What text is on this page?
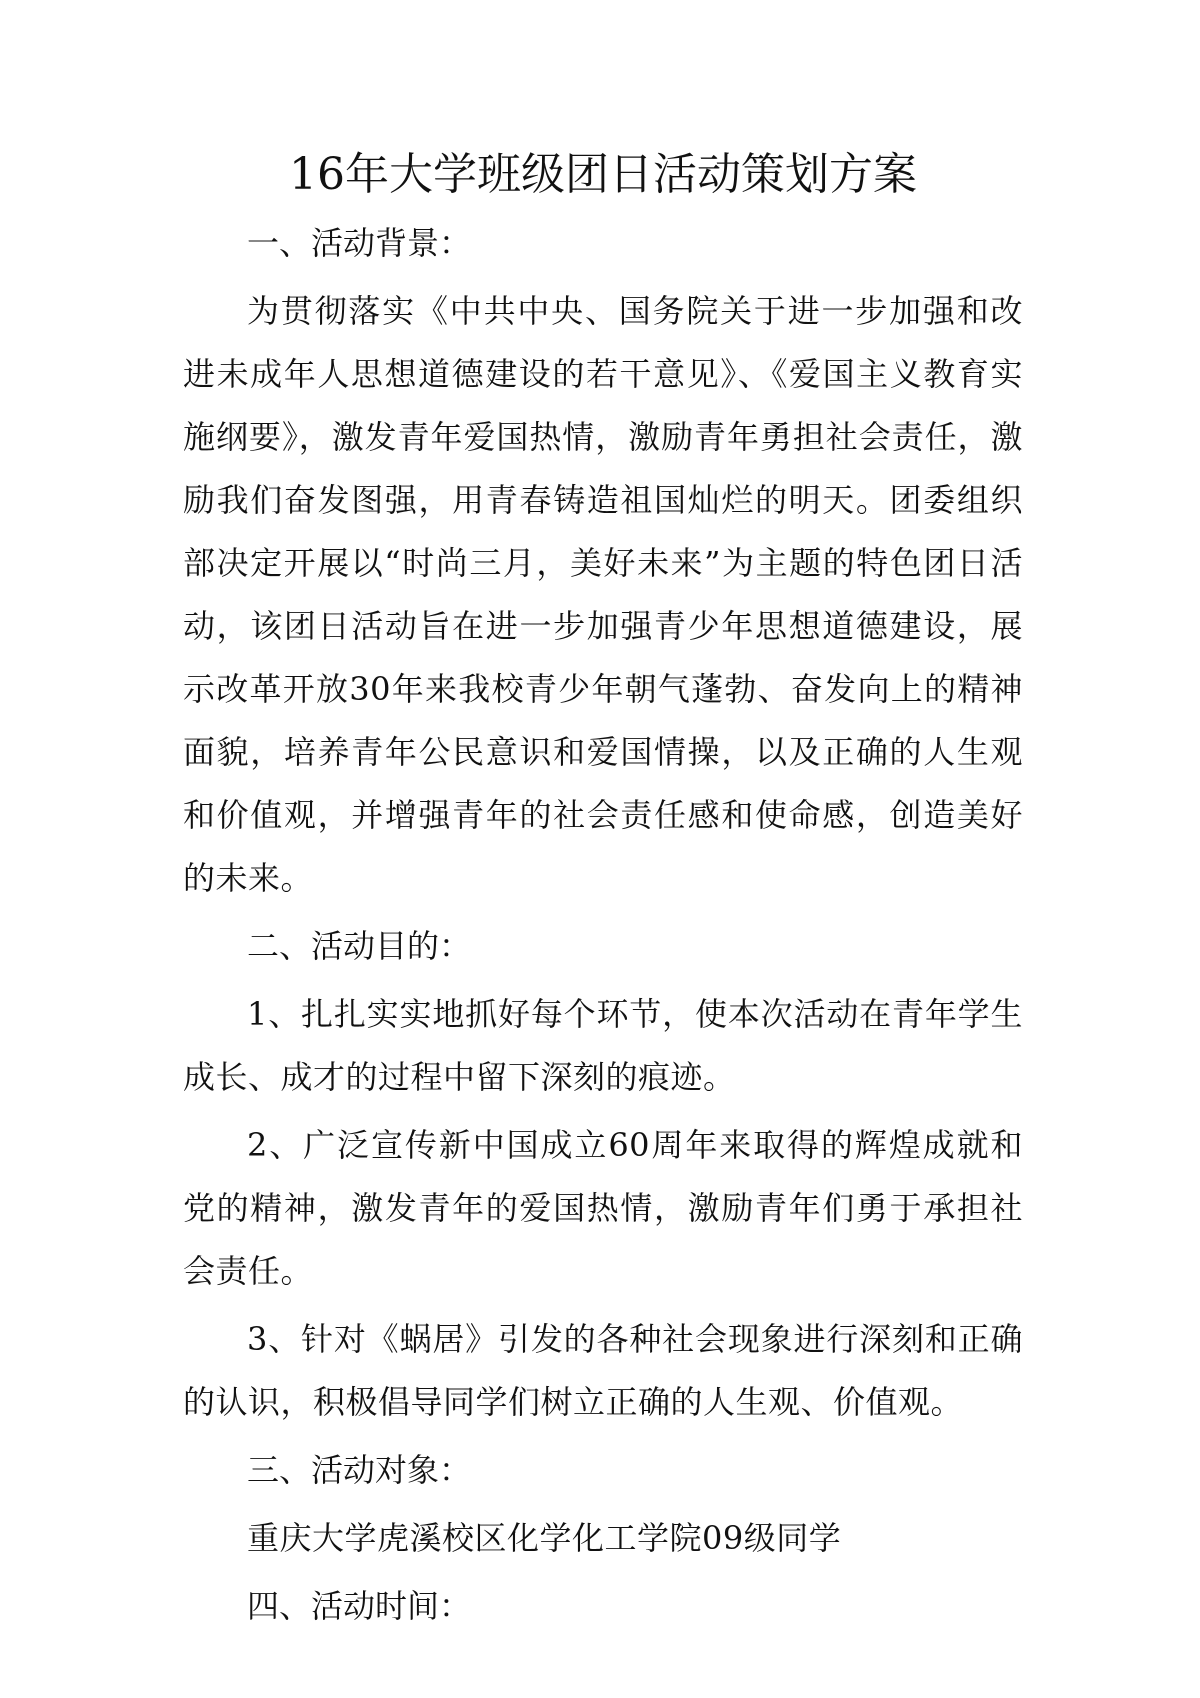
16年大学班级团日活动策划方案

一、活动背景：

为贯彻落实《中共中央、国务院关于进一步加强和改进未成年人思想道德建设的若干意见》、《爱国主义教育实施纲要》，激发青年爱国热情，激励青年勇担社会责任，激励我们奋发图强，用青春铸造祖国灿烂的明天。团委组织部决定开展以“时尚三月，美好未来”为主题的特色团日活动，该团日活动旨在进一步加强青少年思想道德建设，展示改革开放30年来我校青少年朝气蓬勃、奋发向上的精神面貌，培养青年公民意识和爱国情操，以及正确的人生观和价值观，并增强青年的社会责任感和使命感，创造美好的未来。

二、活动目的：

1、扎扎实实地抓好每个环节，使本次活动在青年学生成长、成才的过程中留下深刻的痕迹。

2、广泛宣传新中国成立60周年来取得的辉煌成就和党的精神，激发青年的爱国热情，激励青年们勇于承担社会责任。

3、针对《蜗居》引发的各种社会现象进行深刻和正确的认识，积极倡导同学们树立正确的人生观、价值观。

三、活动对象：

重庆大学虎溪校区化学化工学院09级同学

四、活动时间：
